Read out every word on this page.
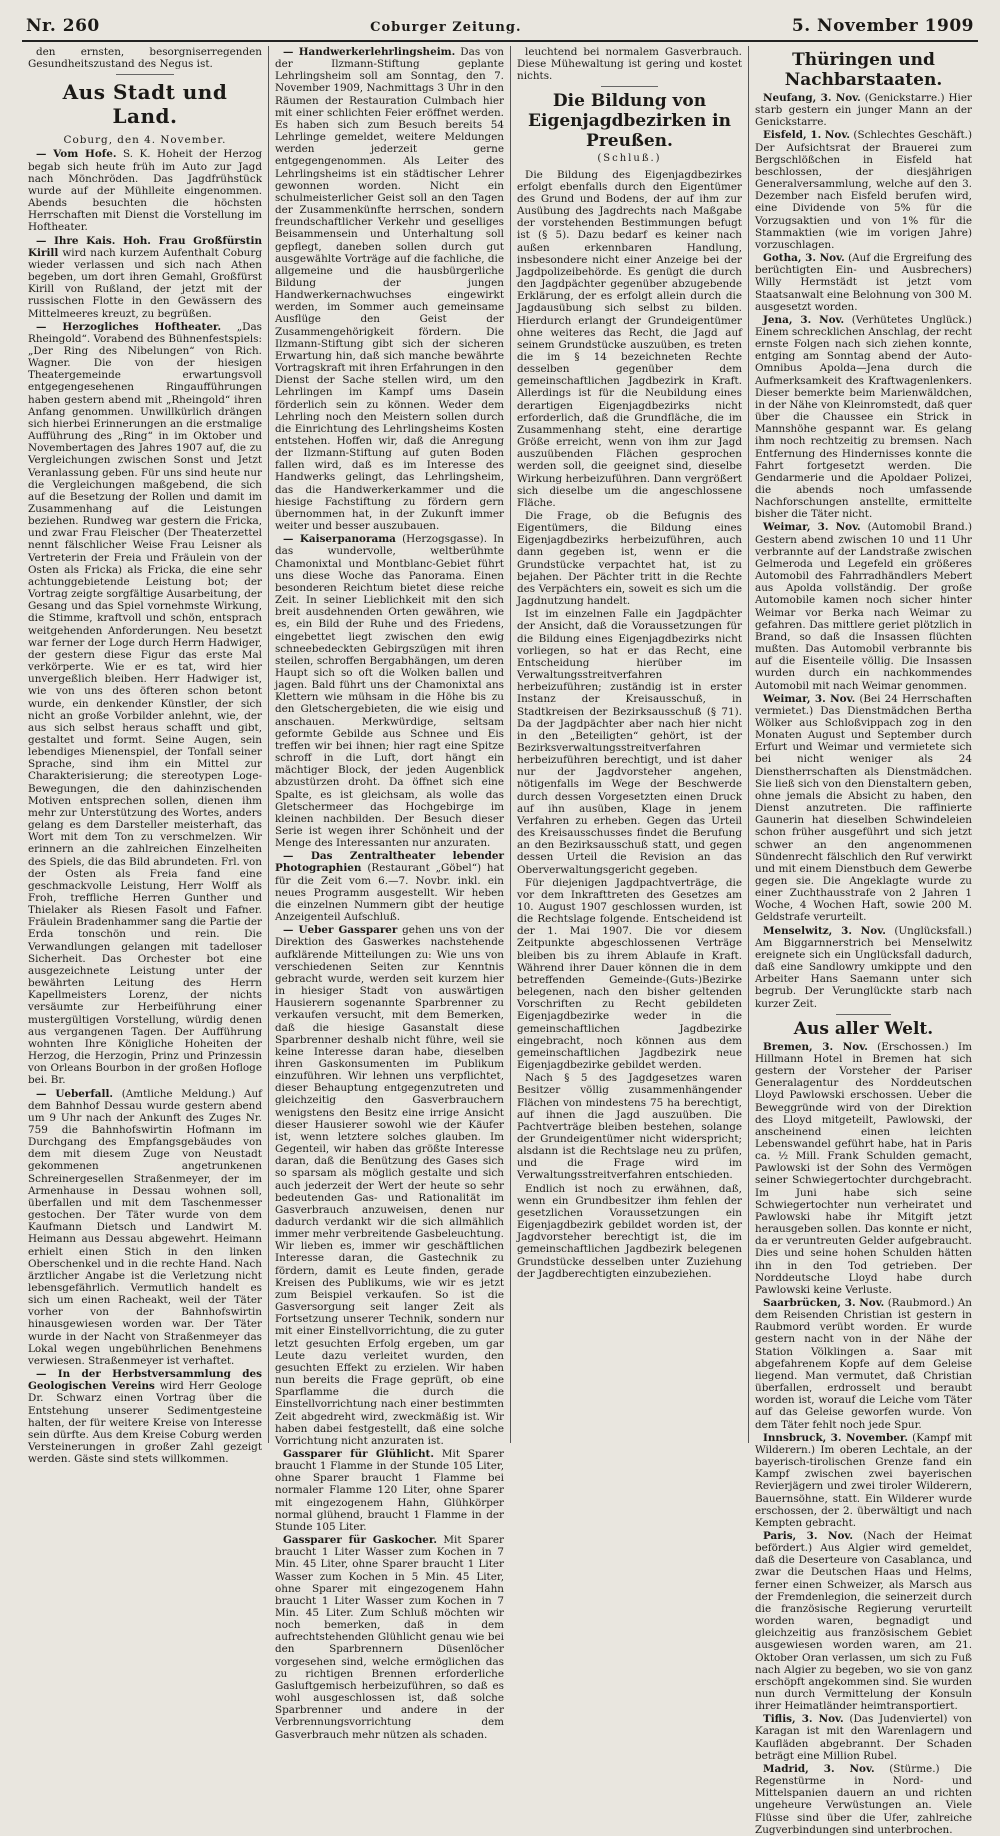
Nr. 260	Coburger Zeitung.	5. November 1909

den ernsten, besorgniserregenden Gesundheitszustand des Negus ist.

Aus Stadt und Land.
Coburg, den 4. November.

— Vom Hofe. S. K. Hoheit der Herzog begab sich heute früh im Auto zur Jagd nach Mönchröden. Das Jagdfrühstück wurde auf der Mühlleite eingenommen. Abends besuchten die höchsten Herrschaften mit Dienst die Vorstellung im Hoftheater.

— Ihre Kais. Hoh. Frau Großfürstin Kirill wird nach kurzem Aufenthalt Coburg wieder verlassen und sich nach Athen begeben, um dort ihren Gemahl, Großfürst Kirill von Rußland, der jetzt mit der russischen Flotte in den Gewässern des Mittelmeeres kreuzt, zu begrüßen.

— Herzogliches Hoftheater. „Das Rheingold“. Vorabend des Bühnenfestspiels: „Der Ring des Nibelungen“ von Rich. Wagner. Die von der hiesigen Theatergemeinde erwartungsvoll entgegengesehenen Ringaufführungen haben gestern abend mit „Rheingold“ ihren Anfang genommen. Unwillkürlich drängen sich hierbei Erinnerungen an die erstmalige Aufführung des „Ring“ in im Oktober und Novembertagen des Jahres 1907 auf, die zu Vergleichungen zwischen Sonst und Jetzt Veranlassung geben. Für uns sind heute nur die Vergleichungen maßgebend, die sich auf die Besetzung der Rollen und damit im Zusammenhang auf die Leistungen beziehen. Rundweg war gestern die Fricka, und zwar Frau Fleischer (Der Theaterzettel nennt fälschlicher Weise Frau Leisner als Vertreterin der Freia und Fräulein von der Osten als Fricka) als Fricka, die eine sehr achtunggebietende Leistung bot; der Vortrag zeigte sorgfältige Ausarbeitung, der Gesang und das Spiel vornehmste Wirkung, die Stimme, kraftvoll und schön, entsprach weitgehenden Anforderungen. Neu besetzt war ferner der Loge durch Herrn Hadwiger, der gestern diese Figur das erste Mal verkörperte. Wie er es tat, wird hier unvergeßlich bleiben. Herr Hadwiger ist, wie von uns des öfteren schon betont wurde, ein denkender Künstler, der sich nicht an große Vorbilder anlehnt, wie, der aus sich selbst heraus schafft und gibt, gestaltet und formt. Seine Augen, sein lebendiges Mienenspiel, der Tonfall seiner Sprache, sind ihm ein Mittel zur Charakterisierung; die stereotypen Loge-Bewegungen, die den dahinzischenden Motiven entsprechen sollen, dienen ihm mehr zur Unterstützung des Wortes, anders gelang es dem Darsteller meisterhaft, das Wort mit dem Ton zu verschmelzen. Wir erinnern an die zahlreichen Einzelheiten des Spiels, die das Bild abrundeten. Frl. von der Osten als Freia fand eine geschmackvolle Leistung, Herr Wolff als Froh, treffliche Herren Gunther und Thielaker als Riesen Fasolt und Fafner. Fräulein Bradenhammer sang die Partie der Erda tonschön und rein. Die Verwandlungen gelangen mit tadelloser Sicherheit. Das Orchester bot eine ausgezeichnete Leistung unter der bewährten Leitung des Herrn Kapellmeisters Lorenz, der nichts versäumte zur Herbeiführung einer mustergültigen Vorstellung, würdig denen aus vergangenen Tagen. Der Aufführung wohnten Ihre Königliche Hoheiten der Herzog, die Herzogin, Prinz und Prinzessin von Orleans Bourbon in der großen Hofloge bei. Br.

— Ueberfall. (Amtliche Meldung.) Auf dem Bahnhof Dessau wurde gestern abend um 9 Uhr nach der Ankunft des Zuges Nr. 759 die Bahnhofswirtin Hofmann im Durchgang des Empfangsgebäudes von dem mit diesem Zuge von Neustadt gekommenen angetrunkenen Schreinergesellen Straßenmeyer, der im Armenhause in Dessau wohnen soll, überfallen und mit dem Taschenmesser gestochen. Der Täter wurde von dem Kaufmann Dietsch und Landwirt M. Heimann aus Dessau abgewehrt. Heimann erhielt einen Stich in den linken Oberschenkel und in die rechte Hand. Nach ärztlicher Angabe ist die Verletzung nicht lebensgefährlich. Vermutlich handelt es sich um einen Racheakt, weil der Täter vorher von der Bahnhofswirtin hinausgewiesen worden war. Der Täter wurde in der Nacht von Straßenmeyer das Lokal wegen ungebührlichen Benehmens verwiesen. Straßenmeyer ist verhaftet.

— In der Herbstversammlung des Geologischen Vereins wird Herr Geologe Dr. Schwarz einen Vortrag über die Entstehung unserer Sedimentgesteine halten, der für weitere Kreise von Interesse sein dürfte. Aus dem Kreise Coburg werden Versteinerungen in großer Zahl gezeigt werden. Gäste sind stets willkommen.

— Handwerkerlehrlingsheim. Das von der Ilzmann-Stiftung geplante Lehrlingsheim soll am Sonntag, den 7. November 1909, Nachmittags 3 Uhr in den Räumen der Restauration Culmbach hier mit einer schlichten Feier eröffnet werden. Es haben sich zum Besuch bereits 54 Lehrlinge gemeldet, weitere Meldungen werden jederzeit gerne entgegengenommen. Als Leiter des Lehrlingsheims ist ein städtischer Lehrer gewonnen worden. Nicht ein schulmeisterlicher Geist soll an den Tagen der Zusammenkünfte herrschen, sondern freundschaftlicher Verkehr und geselliges Beisammensein und Unterhaltung soll gepflegt, daneben sollen durch gut ausgewählte Vorträge auf die fachliche, die allgemeine und die hausbürgerliche Bildung der jungen Handwerkernachwuchses eingewirkt werden, im Sommer auch gemeinsame Ausflüge den Geist der Zusammengehörigkeit fördern. Die Ilzmann-Stiftung gibt sich der sicheren Erwartung hin, daß sich manche bewährte Vortragskraft mit ihren Erfahrungen in den Dienst der Sache stellen wird, um den Lehrlingen im Kampf ums Dasein förderlich sein zu können. Weder dem Lehrling noch den Meistern sollen durch die Einrichtung des Lehrlingsheims Kosten entstehen. Hoffen wir, daß die Anregung der Ilzmann-Stiftung auf guten Boden fallen wird, daß es im Interesse des Handwerks gelingt, das Lehrlingsheim, das die Handwerkerkammer und die hiesige Fachstiftung zu fördern gern übernommen hat, in der Zukunft immer weiter und besser auszubauen.

— Kaiserpanorama (Herzogsgasse). In das wundervolle, weltberühmte Chamonixtal und Montblanc-Gebiet führt uns diese Woche das Panorama. Einen besonderen Reichtum bietet diese reiche Zeit. In seiner Lieblichkeit mit den sich breit ausdehnenden Orten gewähren, wie es, ein Bild der Ruhe und des Friedens, eingebettet liegt zwischen den ewig schneebedeckten Gebirgszügen mit ihren steilen, schroffen Bergabhängen, um deren Haupt sich so oft die Wolken ballen und jagen. Bald führt uns der Chamonixtal ans Klettern wie mühsam in die Höhe bis zu den Gletschergebieten, die wie eisig und anschauen. Merkwürdige, seltsam geformte Gebilde aus Schnee und Eis treffen wir bei ihnen; hier ragt eine Spitze schroff in die Luft, dort hängt ein mächtiger Block, der jeden Augenblick abzustürzen droht. Da öffnet sich eine Spalte, es ist gleichsam, als wolle das Gletschermeer das Hochgebirge im kleinen nachbilden. Der Besuch dieser Serie ist wegen ihrer Schönheit und der Menge des Interessanten nur anzuraten.

— Das Zentraltheater lebender Photographien (Restaurant „Göbel“) hat für die Zeit vom 6.—7. Novbr. inkl. ein neues Programm ausgestellt. Wir heben die einzelnen Nummern gibt der heutige Anzeigenteil Aufschluß.

— Ueber Gassparer gehen uns von der Direktion des Gaswerkes nachstehende aufklärende Mitteilungen zu: Wie uns von verschiedenen Seiten zur Kenntnis gebracht wurde, werden seit kurzem hier in hiesiger Stadt von auswärtigen Hausierern sogenannte Sparbrenner zu verkaufen versucht, mit dem Bemerken, daß die hiesige Gasanstalt diese Sparbrenner deshalb nicht führe, weil sie keine Interesse daran habe, dieselben ihren Gaskonsumenten im Publikum einzuführen. Wir lehnen uns verpflichtet, dieser Behauptung entgegenzutreten und gleichzeitig den Gasverbrauchern wenigstens den Besitz eine irrige Ansicht dieser Hausierer sowohl wie der Käufer ist, wenn letztere solches glauben. Im Gegenteil, wir haben das größte Interesse daran, daß die Benützung des Gases sich so sparsam als möglich gestalte und sich auch jederzeit der Wert der heute so sehr bedeutenden Gas- und Rationalität im Gasverbrauch anzuweisen, denen nur dadurch verdankt wir die sich allmählich immer mehr verbreitende Gasbeleuchtung. Wir lieben es, immer wir geschäftlichen Interesse daran, die Gastechnik zu fördern, damit es Leute finden, gerade Kreisen des Publikums, wie wir es jetzt zum Beispiel verkaufen. So ist die Gasversorgung seit langer Zeit als Fortsetzung unserer Technik, sondern nur mit einer Einstellvorrichtung, die zu guter letzt gesuchten Erfolg ergeben, um gar Leute dazu verleitet wurden, den gesuchten Effekt zu erzielen. Wir haben nun bereits die Frage geprüft, ob eine Sparflamme die durch die Einstellvorrichtung nach einer bestimmten Zeit abgedreht wird, zweckmäßig ist. Wir haben dabei festgestellt, daß eine solche Vorrichtung nicht anzuraten ist.

Gassparer für Glühlicht. Mit Sparer braucht 1 Flamme in der Stunde 105 Liter, ohne Sparer braucht 1 Flamme bei normaler Flamme 120 Liter, ohne Sparer mit eingezogenem Hahn, Glühkörper normal glühend, braucht 1 Flamme in der Stunde 105 Liter.

Gassparer für Gaskocher. Mit Sparer braucht 1 Liter Wasser zum Kochen in 7 Min. 45 Liter, ohne Sparer braucht 1 Liter Wasser zum Kochen in 5 Min. 45 Liter, ohne Sparer mit eingezogenem Hahn braucht 1 Liter Wasser zum Kochen in 7 Min. 45 Liter. Zum Schluß möchten wir noch bemerken, daß in dem aufrechtstehenden Glühlicht genau wie bei den Sparbrennern Düsenlöcher vorgesehen sind, welche ermöglichen das zu richtigen Brennen erforderliche Gasluftgemisch herbeizuführen, so daß es wohl ausgeschlossen ist, daß solche Sparbrenner und andere in der Verbrennungsvorrichtung dem Gasverbrauch mehr nützen als schaden.

leuchtend bei normalem Gasverbrauch. Diese Mühewaltung ist gering und kostet nichts.

Die Bildung von Eigenjagdbezirken in Preußen.
(Schluß.)

Die Bildung des Eigenjagdbezirkes erfolgt ebenfalls durch den Eigentümer des Grund und Bodens, der auf ihm zur Ausübung des Jagdrechts nach Maßgabe der vorstehenden Bestimmungen befugt ist (§ 5). Dazu bedarf es keiner nach außen erkennbaren Handlung, insbesondere nicht einer Anzeige bei der Jagdpolizeibehörde. Es genügt die durch den Jagdpächter gegenüber abzugebende Erklärung, der es erfolgt allein durch die Jagdausübung sich selbst zu bilden. Hierdurch erlangt der Grundeigentümer ohne weiteres das Recht, die Jagd auf seinem Grundstücke auszuüben, es treten die im § 14 bezeichneten Rechte desselben gegenüber dem gemeinschaftlichen Jagdbezirk in Kraft. Allerdings ist für die Neubildung eines derartigen Eigenjagdbezirks nicht erforderlich, daß die Grundfläche, die im Zusammenhang steht, eine derartige Größe erreicht, wenn von ihm zur Jagd auszuübenden Flächen gesprochen werden soll, die geeignet sind, dieselbe Wirkung herbeizuführen. Dann vergrößert sich dieselbe um die angeschlossene Fläche.

Die Frage, ob die Befugnis des Eigentümers, die Bildung eines Eigenjagdbezirks herbeizuführen, auch dann gegeben ist, wenn er die Grundstücke verpachtet hat, ist zu bejahen. Der Pächter tritt in die Rechte des Verpächters ein, soweit es sich um die Jagdnutzung handelt.

Ist im einzelnen Falle ein Jagdpächter der Ansicht, daß die Voraussetzungen für die Bildung eines Eigenjagdbezirks nicht vorliegen, so hat er das Recht, eine Entscheidung hierüber im Verwaltungsstreitverfahren herbeizuführen; zuständig ist in erster Instanz der Kreisausschuß, in Stadtkreisen der Bezirksausschuß (§ 71). Da der Jagdpächter aber nach hier nicht in den „Beteiligten“ gehört, ist der Bezirksverwaltungsstreitverfahren herbeizuführen berechtigt, und ist daher nur der Jagdvorsteher angehen, nötigenfalls im Wege der Beschwerde durch dessen Vorgesetzten einen Druck auf ihn ausüben, Klage in jenem Verfahren zu erheben. Gegen das Urteil des Kreisausschusses findet die Berufung an den Bezirksausschuß statt, und gegen dessen Urteil die Revision an das Oberverwaltungsgericht gegeben.

Für diejenigen Jagdpachtverträge, die vor dem Inkrafttreten des Gesetzes am 10. August 1907 geschlossen wurden, ist die Rechtslage folgende. Entscheidend ist der 1. Mai 1907. Die vor diesem Zeitpunkte abgeschlossenen Verträge bleiben bis zu ihrem Ablaufe in Kraft. Während ihrer Dauer können die in dem betreffenden Gemeinde-(Guts-)Bezirke belegenen, nach den bisher geltenden Vorschriften zu Recht gebildeten Eigenjagdbezirke weder in die gemeinschaftlichen Jagdbezirke eingebracht, noch können aus dem gemeinschaftlichen Jagdbezirk neue Eigenjagdbezirke gebildet werden.

Nach § 5 des Jagdgesetzes waren Besitzer völlig zusammenhängender Flächen von mindestens 75 ha berechtigt, auf ihnen die Jagd auszuüben. Die Pachtverträge bleiben bestehen, solange der Grundeigentümer nicht widerspricht; alsdann ist die Rechtslage neu zu prüfen, und die Frage wird im Verwaltungsstreitverfahren entschieden.

Endlich ist noch zu erwähnen, daß, wenn ein Grundbesitzer ihm fehlen der gesetzlichen Voraussetzungen ein Eigenjagdbezirk gebildet worden ist, der Jagdvorsteher berechtigt ist, die im gemeinschaftlichen Jagdbezirk belegenen Grundstücke desselben unter Zuziehung der Jagdberechtigten einzubeziehen.

Thüringen und Nachbarstaaten.

Neufang, 3. Nov. (Genickstarre.) Hier starb gestern ein junger Mann an der Genickstarre.

Eisfeld, 1. Nov. (Schlechtes Geschäft.) Der Aufsichtsrat der Brauerei zum Bergschlößchen in Eisfeld hat beschlossen, der diesjährigen Generalversammlung, welche auf den 3. Dezember nach Eisfeld berufen wird, eine Dividende von 5% für die Vorzugsaktien und von 1% für die Stammaktien (wie im vorigen Jahre) vorzuschlagen.

Gotha, 3. Nov. (Auf die Ergreifung des berüchtigten Ein- und Ausbrechers) Willy Hermstädt ist jetzt vom Staatsanwalt eine Belohnung von 300 M. ausgesetzt worden.

Jena, 3. Nov. (Verhütetes Unglück.) Einem schrecklichen Anschlag, der recht ernste Folgen nach sich ziehen konnte, entging am Sonntag abend der Auto-Omnibus Apolda—Jena durch die Aufmerksamkeit des Kraftwagenlenkers. Dieser bemerkte beim Marienwäldchen, in der Nähe von Kleinromstedt, daß quer über die Chaussee ein Strick in Mannshöhe gespannt war. Es gelang ihm noch rechtzeitig zu bremsen. Nach Entfernung des Hindernisses konnte die Fahrt fortgesetzt werden. Die Gendarmerie und die Apoldaer Polizei, die abends noch umfassende Nachforschungen anstellte, ermittelte bisher die Täter nicht.

Weimar, 3. Nov. (Automobil Brand.) Gestern abend zwischen 10 und 11 Uhr verbrannte auf der Landstraße zwischen Gelmeroda und Legefeld ein größeres Automobil des Fahrradhändlers Mebert aus Apolda vollständig. Der große Automobile kamen noch sicher hinter Weimar vor Berka nach Weimar zu gefahren. Das mittlere geriet plötzlich in Brand, so daß die Insassen flüchten mußten. Das Automobil verbrannte bis auf die Eisenteile völlig. Die Insassen wurden durch ein nachkommendes Automobil mit nach Weimar genommen.

Weimar, 3. Nov. (Bei 24 Herrschaften vermietet.) Das Dienstmädchen Bertha Wölker aus Schloßvippach zog in den Monaten August und September durch Erfurt und Weimar und vermietete sich bei nicht weniger als 24 Dienstherrschaften als Dienstmädchen. Sie ließ sich von den Dienstaltern geben, ohne jemals die Absicht zu haben, den Dienst anzutreten. Die raffinierte Gaunerin hat dieselben Schwindeleien schon früher ausgeführt und sich jetzt schwer an den angenommenen Sündenrecht fälschlich den Ruf verwirkt und mit einem Dienstbuch dem Gewerbe gegen sie. Die Angeklagte wurde zu einer Zuchthausstrafe von 2 Jahren 1 Woche, 4 Wochen Haft, sowie 200 M. Geldstrafe verurteilt.

Menselwitz, 3. Nov. (Unglücksfall.) Am Biggarnnerstrich bei Menselwitz ereignete sich ein Unglücksfall dadurch, daß eine Sandlowry umkippte und den Arbeiter Hans Saemann unter sich begrub. Der Verunglückte starb nach kurzer Zeit.

Aus aller Welt.

Bremen, 3. Nov. (Erschossen.) Im Hillmann Hotel in Bremen hat sich gestern der Vorsteher der Pariser Generalagentur des Norddeutschen Lloyd Pawlowski erschossen. Ueber die Beweggründe wird von der Direktion des Lloyd mitgeteilt, Pawlowski, der anscheinend einen leichten Lebenswandel geführt habe, hat in Paris ca. ½ Mill. Frank Schulden gemacht, Pawlowski ist der Sohn des Vermögen seiner Schwiegertochter durchgebracht. Im Juni habe sich seine Schwiegertochter nun verheiratet und Pawlowski habe ihr Mitgift jetzt herausgeben sollen. Das konnte er nicht, da er veruntreuten Gelder aufgebraucht. Dies und seine hohen Schulden hätten ihn in den Tod getrieben. Der Norddeutsche Lloyd habe durch Pawlowski keine Verluste.

Saarbrücken, 3. Nov. (Raubmord.) An dem Reisenden Christian ist gestern in Raubmord verübt worden. Er wurde gestern nacht von in der Nähe der Station Völklingen a. Saar mit abgefahrenem Kopfe auf dem Geleise liegend. Man vermutet, daß Christian überfallen, erdrosselt und beraubt worden ist, worauf die Leiche vom Täter auf das Geleise geworfen wurde. Von dem Täter fehlt noch jede Spur.

Innsbruck, 3. November. (Kampf mit Wilderern.) Im oberen Lechtale, an der bayerisch-tirolischen Grenze fand ein Kampf zwischen zwei bayerischen Revierjägern und zwei tiroler Wilderern, Bauernsöhne, statt. Ein Wilderer wurde erschossen, der 2. überwältigt und nach Kempten gebracht.

Paris, 3. Nov. (Nach der Heimat befördert.) Aus Algier wird gemeldet, daß die Deserteure von Casablanca, und zwar die Deutschen Haas und Helms, ferner einen Schweizer, als Marsch aus der Fremdenlegion, die seinerzeit durch die französische Regierung verurteilt worden waren, begnadigt und gleichzeitig aus französischem Gebiet ausgewiesen worden waren, am 21. Oktober Oran verlassen, um sich zu Fuß nach Algier zu begeben, wo sie von ganz erschöpft angekommen sind. Sie wurden nun durch Vermittelung der Konsuln ihrer Heimatländer heimtransportiert.

Tiflis, 3. Nov. (Das Judenviertel) von Karagan ist mit den Warenlagern und Kaufläden abgebrannt. Der Schaden beträgt eine Million Rubel.

Madrid, 3. Nov. (Stürme.) Die Regenstürme in Nord- und Mittelspanien dauern an und richten ungeheure Verwüstungen an. Viele Flüsse sind über die Ufer, zahlreiche Zugverbindungen sind unterbrochen.
